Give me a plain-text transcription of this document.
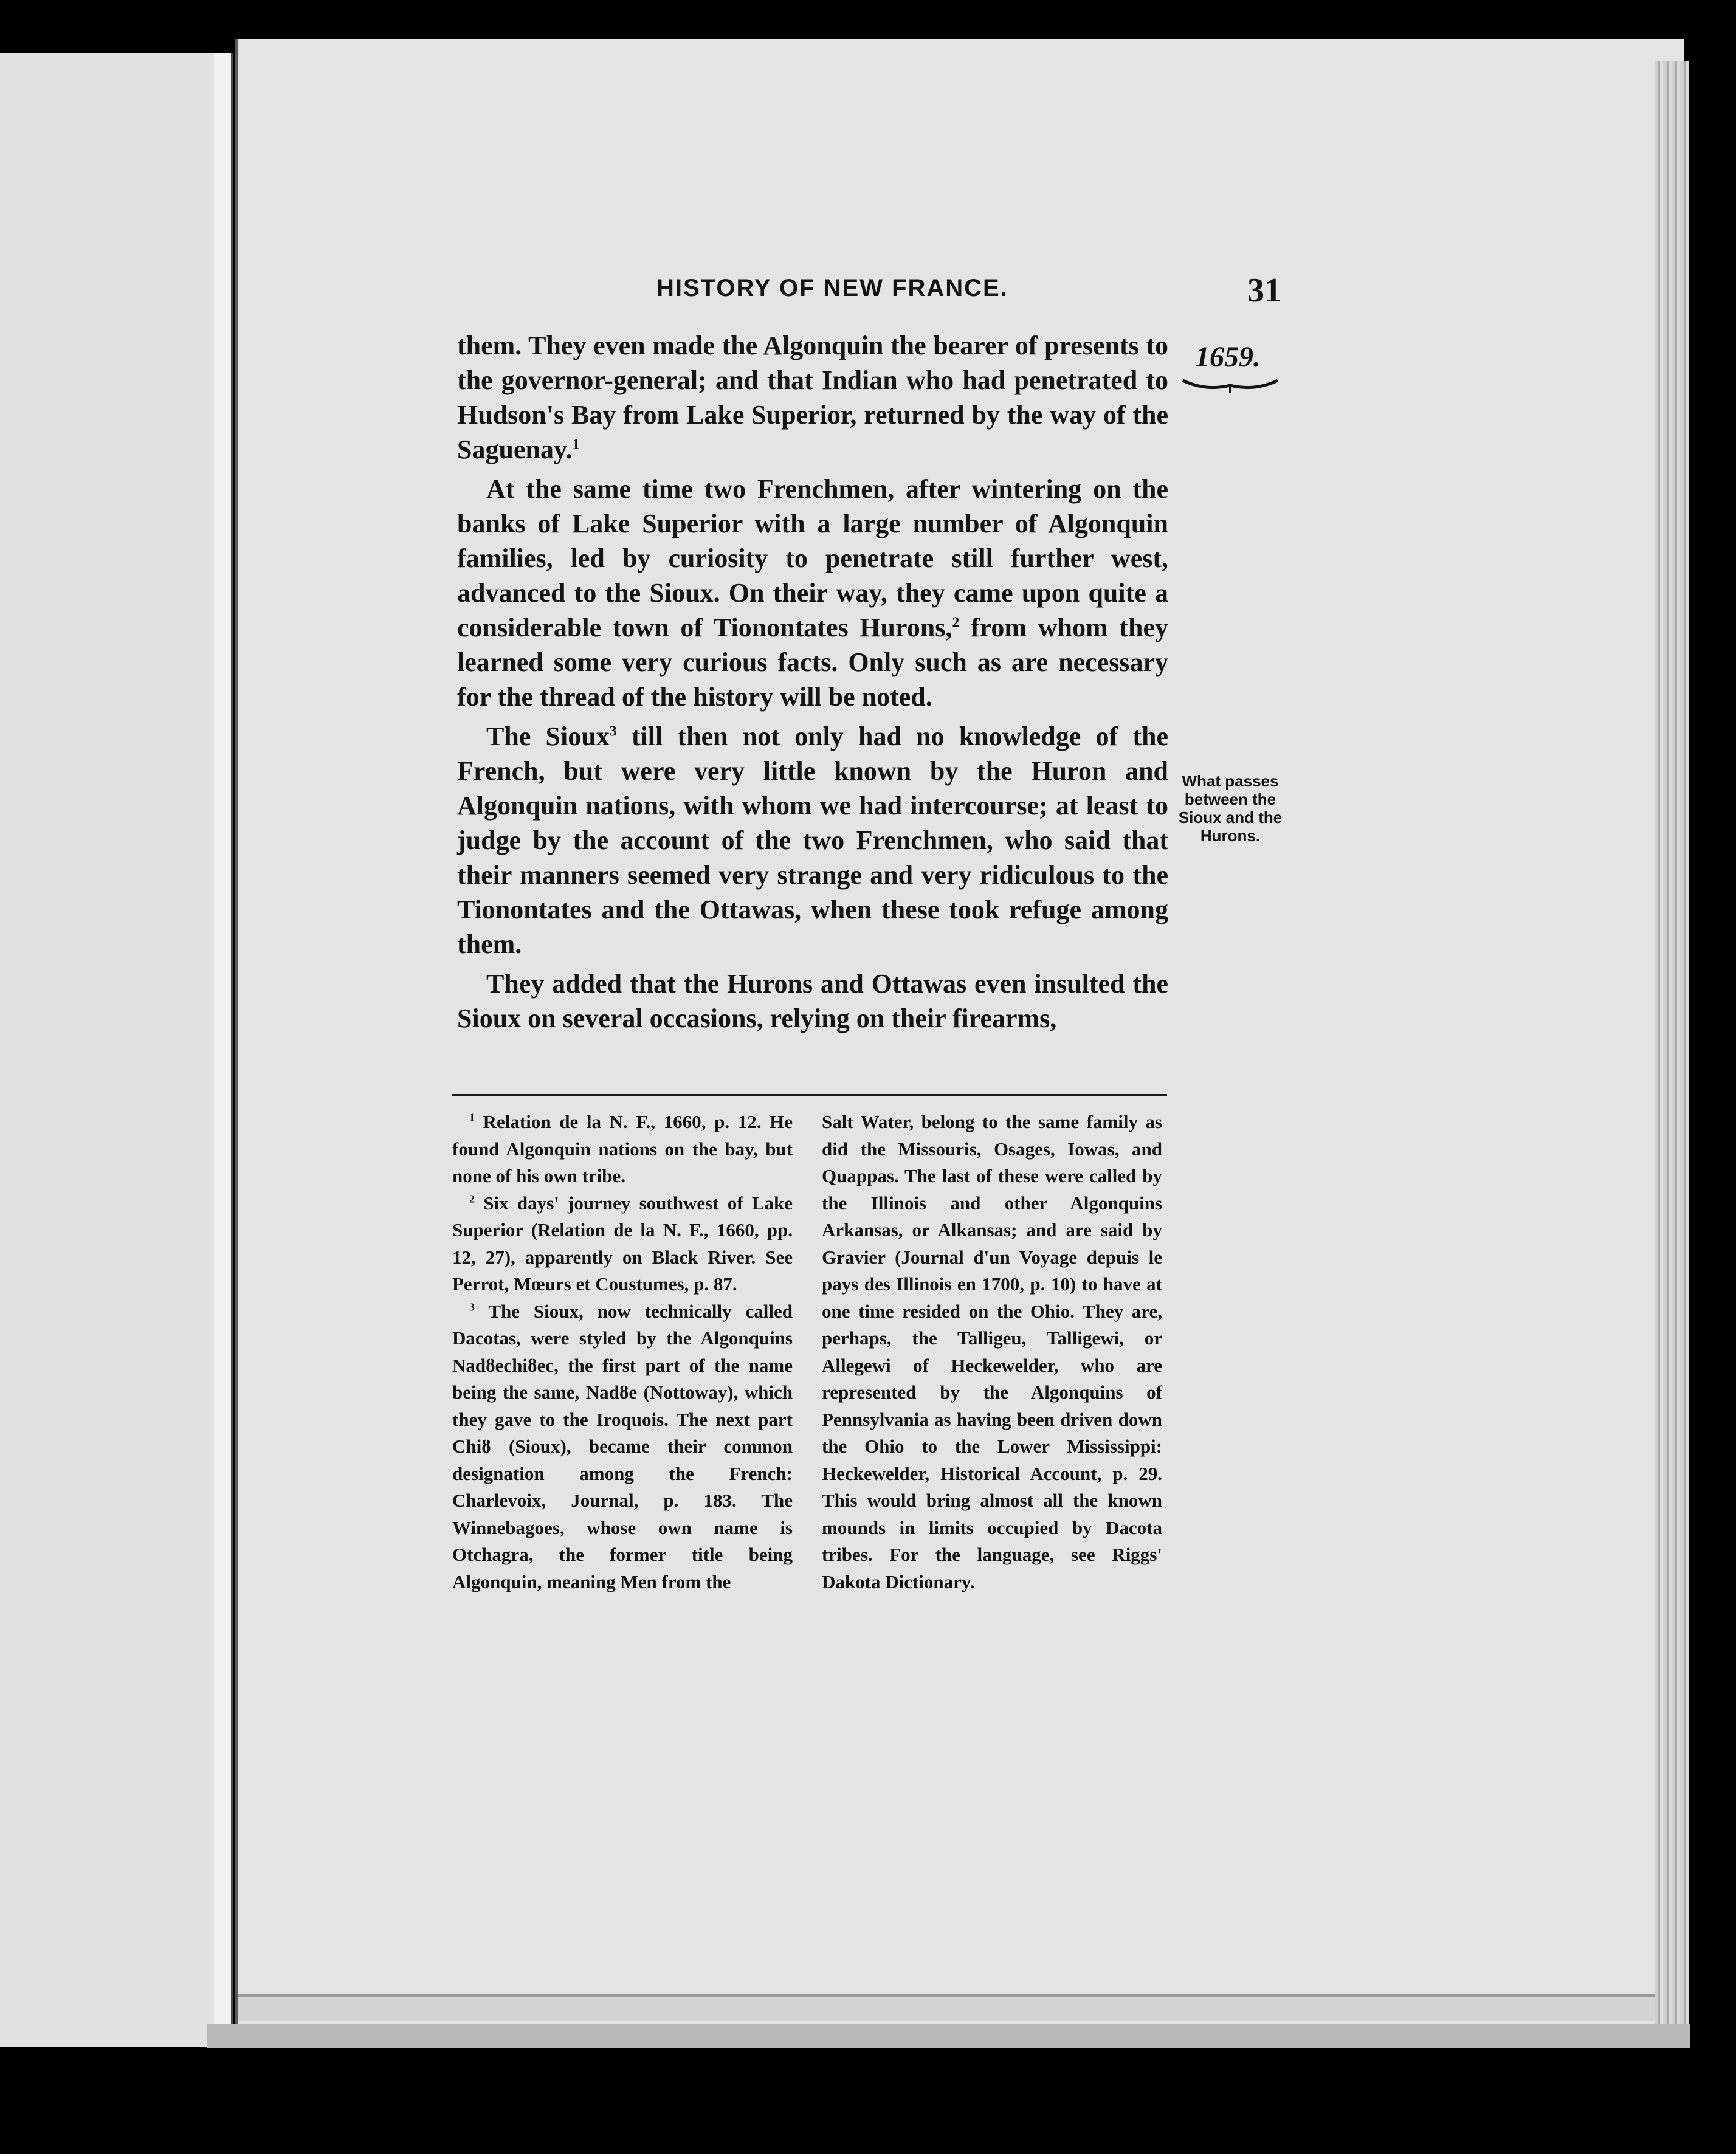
HISTORY OF NEW FRANCE.	31
1659.
What passes between the Sioux and the Hurons.

them. They even made the Algonquin the bearer of presents to the governor-general; and that Indian who had penetrated to Hudson's Bay from Lake Superior, returned by the way of the Saguenay.$^1$

At the same time two Frenchmen, after wintering on the banks of Lake Superior with a large number of Algonquin families, led by curiosity to penetrate still further west, advanced to the Sioux. On their way, they came upon quite a considerable town of Tionontates Hurons,$^2$ from whom they learned some very curious facts. Only such as are necessary for the thread of the history will be noted.

The Sioux$^3$ till then not only had no knowledge of the French, but were very little known by the Huron and Algonquin nations, with whom we had intercourse; at least to judge by the account of the two Frenchmen, who said that their manners seemed very strange and very ridiculous to the Tionontates and the Ottawas, when these took refuge among them.

They added that the Hurons and Ottawas even insulted the Sioux on several occasions, relying on their firearms,

$^1$ Relation de la N. F., 1660, p. 12. He found Algonquin nations on the bay, but none of his own tribe.

$^2$ Six days' journey southwest of Lake Superior (Relation de la N. F., 1660, pp. 12, 27), apparently on Black River. See Perrot, Mœurs et Coustumes, p. 87.

$^3$ The Sioux, now technically called Dacotas, were styled by the Algonquins Nadȣechiȣec, the first part of the name being the same, Nadȣe (Nottoway), which they gave to the Iroquois. The next part Chiȣ (Sioux), became their common designation among the French: Charlevoix, Journal, p. 183. The Winnebagoes, whose own name is Otchagra, the former title being Algonquin, meaning Men from the

Salt Water, belong to the same family as did the Missouris, Osages, Iowas, and Quappas. The last of these were called by the Illinois and other Algonquins Arkansas, or Alkansas; and are said by Gravier (Journal d'un Voyage depuis le pays des Illinois en 1700, p. 10) to have at one time resided on the Ohio. They are, perhaps, the Talligeu, Talligewi, or Allegewi of Heckewelder, who are represented by the Algonquins of Pennsylvania as having been driven down the Ohio to the Lower Mississippi: Heckewelder, Historical Account, p. 29. This would bring almost all the known mounds in limits occupied by Dacota tribes. For the language, see Riggs' Dakota Dictionary.
